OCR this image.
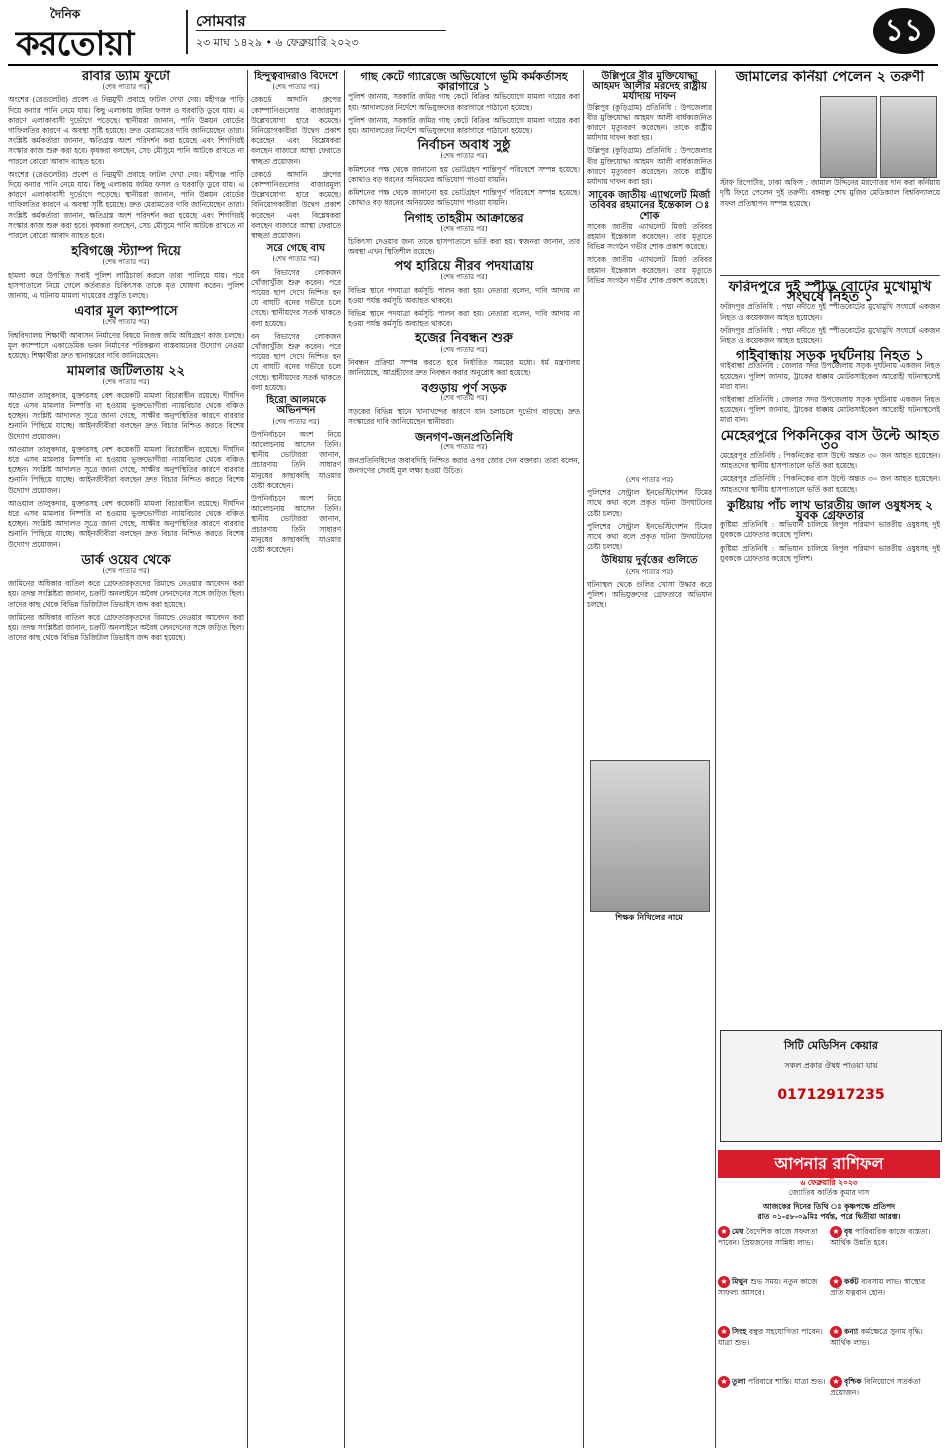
দৈনিক
করতোয়া
সোমবার
২৩ মাঘ ১৪২৯ • ৬ ফেব্রুয়ারি ২০২৩	১১
রাবার ড্যাম ফুটো
(শেষ পাতার পর)

অংশের (রেগুলেটর) প্রবেশ ও নিম্নমুখী প্রবাহে ফাটল দেখা দেয়। মহীগঞ্জ পাড়ি দিয়ে বন্যার পানি নেমে যায়। কিছু এলাকায় জমির ফসল ও ঘরবাড়ি ডুবে যায়। এ কারণে এলাকাবাসী দুর্ভোগে পড়েছে। স্থানীয়রা জানান, পানি উন্নয়ন বোর্ডের গাফিলতির কারণে এ অবস্থা সৃষ্টি হয়েছে। দ্রুত মেরামতের দাবি জানিয়েছেন তারা। সংশ্লিষ্ট কর্মকর্তারা জানান, ক্ষতিগ্রস্ত অংশ পরিদর্শন করা হয়েছে এবং শিগগিরই সংস্কার কাজ শুরু করা হবে। কৃষকরা বলছেন, সেচ মৌসুমে পানি আটকে রাখতে না পারলে বোরো আবাদ ব্যাহত হবে।

অংশের (রেগুলেটর) প্রবেশ ও নিম্নমুখী প্রবাহে ফাটল দেখা দেয়। মহীগঞ্জ পাড়ি দিয়ে বন্যার পানি নেমে যায়। কিছু এলাকায় জমির ফসল ও ঘরবাড়ি ডুবে যায়। এ কারণে এলাকাবাসী দুর্ভোগে পড়েছে। স্থানীয়রা জানান, পানি উন্নয়ন বোর্ডের গাফিলতির কারণে এ অবস্থা সৃষ্টি হয়েছে। দ্রুত মেরামতের দাবি জানিয়েছেন তারা। সংশ্লিষ্ট কর্মকর্তারা জানান, ক্ষতিগ্রস্ত অংশ পরিদর্শন করা হয়েছে এবং শিগগিরই সংস্কার কাজ শুরু করা হবে। কৃষকরা বলছেন, সেচ মৌসুমে পানি আটকে রাখতে না পারলে বোরো আবাদ ব্যাহত হবে।

হবিগঞ্জে স্ট্যাম্প দিয়ে
(শেষ পাতার পর)

হামলা করে উপস্থিত সবাই পুলিশ লাঠিচার্জ করলে তারা পালিয়ে যায়। পরে হাসপাতালে নিয়ে গেলে কর্তব্যরত চিকিৎসক তাকে মৃত ঘোষণা করেন। পুলিশ জানায়, এ ঘটনায় মামলা দায়েরের প্রস্তুতি চলছে।

এবার মূল ক্যাম্পাসে
(শেষ পাতার পর)

বিশ্ববিদ্যালয় শিক্ষার্থী আবাসন নির্মাণের বিষয়ে নিজস্ব জমি অধিগ্রহণ কাজ চলছে। মূল ক্যাম্পাসে একাডেমিক ভবন নির্মাণের পরিকল্পনা বাস্তবায়নের উদ্যোগ নেওয়া হয়েছে। শিক্ষার্থীরা দ্রুত স্থানান্তরের দাবি জানিয়েছেন।

মামলার জটিলতায় ২২
(শেষ পাতার পর)

আওয়াল তালুকদার, মুক্তারসহ বেশ কয়েকটি মামলা বিচারাধীন রয়েছে। দীর্ঘদিন ধরে এসব মামলার নিষ্পত্তি না হওয়ায় ভুক্তভোগীরা ন্যায়বিচার থেকে বঞ্চিত হচ্ছেন। সংশ্লিষ্ট আদালত সূত্রে জানা গেছে, সাক্ষীর অনুপস্থিতির কারণে বারবার শুনানি পিছিয়ে যাচ্ছে। আইনজীবীরা বলছেন দ্রুত বিচার নিশ্চিত করতে বিশেষ উদ্যোগ প্রয়োজন।

আওয়াল তালুকদার, মুক্তারসহ বেশ কয়েকটি মামলা বিচারাধীন রয়েছে। দীর্ঘদিন ধরে এসব মামলার নিষ্পত্তি না হওয়ায় ভুক্তভোগীরা ন্যায়বিচার থেকে বঞ্চিত হচ্ছেন। সংশ্লিষ্ট আদালত সূত্রে জানা গেছে, সাক্ষীর অনুপস্থিতির কারণে বারবার শুনানি পিছিয়ে যাচ্ছে। আইনজীবীরা বলছেন দ্রুত বিচার নিশ্চিত করতে বিশেষ উদ্যোগ প্রয়োজন।

আওয়াল তালুকদার, মুক্তারসহ বেশ কয়েকটি মামলা বিচারাধীন রয়েছে। দীর্ঘদিন ধরে এসব মামলার নিষ্পত্তি না হওয়ায় ভুক্তভোগীরা ন্যায়বিচার থেকে বঞ্চিত হচ্ছেন। সংশ্লিষ্ট আদালত সূত্রে জানা গেছে, সাক্ষীর অনুপস্থিতির কারণে বারবার শুনানি পিছিয়ে যাচ্ছে। আইনজীবীরা বলছেন দ্রুত বিচার নিশ্চিত করতে বিশেষ উদ্যোগ প্রয়োজন।

ডার্ক ওয়েব থেকে
(শেষ পাতার পর)

জামিনের অধিকার বাতিল করে গ্রেফতারকৃতদের রিমান্ডে নেওয়ার আবেদন করা হয়। তদন্ত সংশ্লিষ্টরা জানান, চক্রটি অনলাইনে অবৈধ লেনদেনের সঙ্গে জড়িত ছিল। তাদের কাছ থেকে বিভিন্ন ডিজিটাল ডিভাইস জব্দ করা হয়েছে।

জামিনের অধিকার বাতিল করে গ্রেফতারকৃতদের রিমান্ডে নেওয়ার আবেদন করা হয়। তদন্ত সংশ্লিষ্টরা জানান, চক্রটি অনলাইনে অবৈধ লেনদেনের সঙ্গে জড়িত ছিল। তাদের কাছ থেকে বিভিন্ন ডিজিটাল ডিভাইস জব্দ করা হয়েছে।

হিন্দুত্ববাদরাও বিদেশে
(শেষ পাতার পর)

রেকর্ডে আদানি গ্রুপের কোম্পানিগুলোর বাজারমূল্য উল্লেখযোগ্য হারে কমেছে। বিনিয়োগকারীরা উদ্বেগ প্রকাশ করেছেন এবং বিশ্লেষকরা বলছেন বাজারে আস্থা ফেরাতে স্বচ্ছতা প্রয়োজন।

রেকর্ডে আদানি গ্রুপের কোম্পানিগুলোর বাজারমূল্য উল্লেখযোগ্য হারে কমেছে। বিনিয়োগকারীরা উদ্বেগ প্রকাশ করেছেন এবং বিশ্লেষকরা বলছেন বাজারে আস্থা ফেরাতে স্বচ্ছতা প্রয়োজন।

সরে গেছে বাঘ
(শেষ পাতার পর)

বন বিভাগের লোকজন খোঁজাখুঁজি শুরু করেন। পরে পায়ের ছাপ দেখে নিশ্চিত হন যে বাঘটি বনের গভীরে চলে গেছে। স্থানীয়দের সতর্ক থাকতে বলা হয়েছে।

বন বিভাগের লোকজন খোঁজাখুঁজি শুরু করেন। পরে পায়ের ছাপ দেখে নিশ্চিত হন যে বাঘটি বনের গভীরে চলে গেছে। স্থানীয়দের সতর্ক থাকতে বলা হয়েছে।

হিরো আলমকে অভিনন্দন
(শেষ পাতার পর)

উপনির্বাচনে অংশ নিয়ে আলোচনায় আসেন তিনি। স্থানীয় ভোটাররা জানান, প্রচারণায় তিনি সাধারণ মানুষের কাছাকাছি যাওয়ার চেষ্টা করেছেন।

উপনির্বাচনে অংশ নিয়ে আলোচনায় আসেন তিনি। স্থানীয় ভোটাররা জানান, প্রচারণায় তিনি সাধারণ মানুষের কাছাকাছি যাওয়ার চেষ্টা করেছেন।

গাছ কেটে গ্যারেজে অভিযোগে ভূমি কর্মকর্তাসহ কারাগারে ১

পুলিশ জানায়, সরকারি জমির গাছ কেটে বিক্রির অভিযোগে মামলা দায়ের করা হয়। আদালতের নির্দেশে অভিযুক্তদের কারাগারে পাঠানো হয়েছে।

পুলিশ জানায়, সরকারি জমির গাছ কেটে বিক্রির অভিযোগে মামলা দায়ের করা হয়। আদালতের নির্দেশে অভিযুক্তদের কারাগারে পাঠানো হয়েছে।

নির্বাচন অবাধ সুষ্ঠু
(শেষ পাতার পর)

কমিশনের পক্ষ থেকে জানানো হয় ভোটগ্রহণ শান্তিপূর্ণ পরিবেশে সম্পন্ন হয়েছে। কোথাও বড় ধরনের অনিয়মের অভিযোগ পাওয়া যায়নি।

কমিশনের পক্ষ থেকে জানানো হয় ভোটগ্রহণ শান্তিপূর্ণ পরিবেশে সম্পন্ন হয়েছে। কোথাও বড় ধরনের অনিয়মের অভিযোগ পাওয়া যায়নি।

নিগাহ তাহরীম আক্রান্তের
(শেষ পাতার পর)

চিকিৎসা দেওয়ার জন্য তাকে হাসপাতালে ভর্তি করা হয়। স্বজনরা জানান, তার অবস্থা এখন স্থিতিশীল রয়েছে।

পথ হারিয়ে নীরব পদযাত্রায়
(শেষ পাতার পর)

বিভিন্ন স্থানে পদযাত্রা কর্মসূচি পালন করা হয়। নেতারা বলেন, দাবি আদায় না হওয়া পর্যন্ত কর্মসূচি অব্যাহত থাকবে।

বিভিন্ন স্থানে পদযাত্রা কর্মসূচি পালন করা হয়। নেতারা বলেন, দাবি আদায় না হওয়া পর্যন্ত কর্মসূচি অব্যাহত থাকবে।

হজের নিবন্ধন শুরু
(শেষ পাতার পর)

নিবন্ধন প্রক্রিয়া সম্পন্ন করতে হবে নির্ধারিত সময়ের মধ্যে। ধর্ম মন্ত্রণালয় জানিয়েছে, আগ্রহীদের দ্রুত নিবন্ধন করার অনুরোধ করা হয়েছে।

বগুড়ায় পূর্ণ সড়ক
(শেষ পাতার পর)

সড়কের বিভিন্ন স্থানে খানাখন্দের কারণে যান চলাচলে দুর্ভোগ বাড়ছে। দ্রুত সংস্কারের দাবি জানিয়েছেন স্থানীয়রা।

জনগণ-জনপ্রতিনিধি
(শেষ পাতার পর)

জনপ্রতিনিধিদের জবাবদিহি নিশ্চিত করার ওপর জোর দেন বক্তারা। তারা বলেন, জনগণের সেবাই মূল লক্ষ্য হওয়া উচিত।

উল্লিপুরে বীর মুক্তিযোদ্ধা আহমদ আলীর মরদেহ রাষ্ট্রীয় মর্যাদায় দাফন

উল্লিপুর (কুড়িগ্রাম) প্রতিনিধি : উপজেলার বীর মুক্তিযোদ্ধা আহমদ আলী বার্ধক্যজনিত কারণে মৃত্যুবরণ করেছেন। তাকে রাষ্ট্রীয় মর্যাদায় দাফন করা হয়।

উল্লিপুর (কুড়িগ্রাম) প্রতিনিধি : উপজেলার বীর মুক্তিযোদ্ধা আহমদ আলী বার্ধক্যজনিত কারণে মৃত্যুবরণ করেছেন। তাকে রাষ্ট্রীয় মর্যাদায় দাফন করা হয়।

সাবেক জাতীয় এ্যাথলেট মির্জা তবিবর রহমানের ইন্তেকাল ঃ শোক

সাবেক জাতীয় এ্যাথলেট মির্জা তবিবর রহমান ইন্তেকাল করেছেন। তার মৃত্যুতে বিভিন্ন সংগঠন গভীর শোক প্রকাশ করেছে।

সাবেক জাতীয় এ্যাথলেট মির্জা তবিবর রহমান ইন্তেকাল করেছেন। তার মৃত্যুতে বিভিন্ন সংগঠন গভীর শোক প্রকাশ করেছে।

(শেষ পাতার পর)

পুলিশের সেন্ট্রাল ইনভেস্টিগেশন টিমের সাথে কথা বলে প্রকৃত ঘটনা উদঘাটনের চেষ্টা চলছে।

পুলিশের সেন্ট্রাল ইনভেস্টিগেশন টিমের সাথে কথা বলে প্রকৃত ঘটনা উদঘাটনের চেষ্টা চলছে।

উধিয়ায় দুর্বৃত্তের গুলিতে
(শেষ পাতার পর)

ঘটনাস্থল থেকে গুলির খোসা উদ্ধার করে পুলিশ। অভিযুক্তদের গ্রেফতারে অভিযান চলছে।

শিক্ষক নিখিলের নামে
জামালের কর্নিয়া পেলেন ২ তরুণী

স্টাফ রিপোর্টার, ঢাকা অফিস : জামাল উদ্দিনের মরণোত্তর দান করা কর্নিয়ায় দৃষ্টি ফিরে পেলেন দুই তরুণী। বঙ্গবন্ধু শেখ মুজিব মেডিক্যাল বিশ্ববিদ্যালয়ে সফল প্রতিস্থাপন সম্পন্ন হয়েছে।

ফরিদপুরে দুই স্পীড বোটের মুখোমুখি সংঘর্ষে নিহত ১

ফরিদপুর প্রতিনিধি : পদ্মা নদীতে দুই স্পীডবোটের মুখোমুখি সংঘর্ষে একজন নিহত ও কয়েকজন আহত হয়েছেন।

ফরিদপুর প্রতিনিধি : পদ্মা নদীতে দুই স্পীডবোটের মুখোমুখি সংঘর্ষে একজন নিহত ও কয়েকজন আহত হয়েছেন।

গাইবান্ধায় সড়ক দুর্ঘটনায় নিহত ১

গাইবান্ধা প্রতিনিধি : জেলার সদর উপজেলায় সড়ক দুর্ঘটনায় একজন নিহত হয়েছেন। পুলিশ জানায়, ট্রাকের ধাক্কায় মোটরসাইকেল আরোহী ঘটনাস্থলেই মারা যান।

গাইবান্ধা প্রতিনিধি : জেলার সদর উপজেলায় সড়ক দুর্ঘটনায় একজন নিহত হয়েছেন। পুলিশ জানায়, ট্রাকের ধাক্কায় মোটরসাইকেল আরোহী ঘটনাস্থলেই মারা যান।

মেহেরপুরে পিকনিকের বাস উল্টে আহত ৩০

মেহেরপুর প্রতিনিধি : পিকনিকের বাস উল্টে অন্তত ৩০ জন আহত হয়েছেন। আহতদের স্থানীয় হাসপাতালে ভর্তি করা হয়েছে।

মেহেরপুর প্রতিনিধি : পিকনিকের বাস উল্টে অন্তত ৩০ জন আহত হয়েছেন। আহতদের স্থানীয় হাসপাতালে ভর্তি করা হয়েছে।

কুষ্টিয়ায় পাঁচ লাখ ভারতীয় জাল ওষুধসহ ২ যুবক গ্রেফতার

কুষ্টিয়া প্রতিনিধি : অভিযান চালিয়ে বিপুল পরিমাণ ভারতীয় ওষুধসহ দুই যুবককে গ্রেফতার করেছে পুলিশ।

কুষ্টিয়া প্রতিনিধি : অভিযান চালিয়ে বিপুল পরিমাণ ভারতীয় ওষুধসহ দুই যুবককে গ্রেফতার করেছে পুলিশ।

সিটি মেডিসিন কেয়ার
সকল প্রকার ঔষধ পাওয়া যায়
01712917235
আপনার রাশিফল
৬ ফেব্রুয়ারি ২০২৩
জ্যোতিষ কার্তিক কুমার দাস
আজকের দিনের তিথি ঃ কৃষ্ণপক্ষে প্রতিপদ
রাত ০১-৫৮-০৯মিঃ পর্যন্ত, পরে দ্বিতীয়া আরম্ভ।
★ মেষ বৈদেশিক কাজে সফলতা পাবেন। প্রিয়জনের সান্নিধ্য লাভ।
★ বৃষ পারিবারিক কাজে ব্যস্ততা। আর্থিক উন্নতি হবে।
★ মিথুন শুভ সময়। নতুন কাজে সাফল্য আসবে।
★ কর্কট ব্যবসায় লাভ। স্বাস্থ্যের প্রতি যত্নবান হোন।
★ সিংহ বন্ধুর সহযোগিতা পাবেন। যাত্রা শুভ।
★ কন্যা কর্মক্ষেত্রে সুনাম বৃদ্ধি। আর্থিক লাভ।
★ তুলা পরিবারে শান্তি। যাত্রা শুভ। ★ বৃশ্চিক বিনিয়োগে সতর্কতা প্রয়োজন।
